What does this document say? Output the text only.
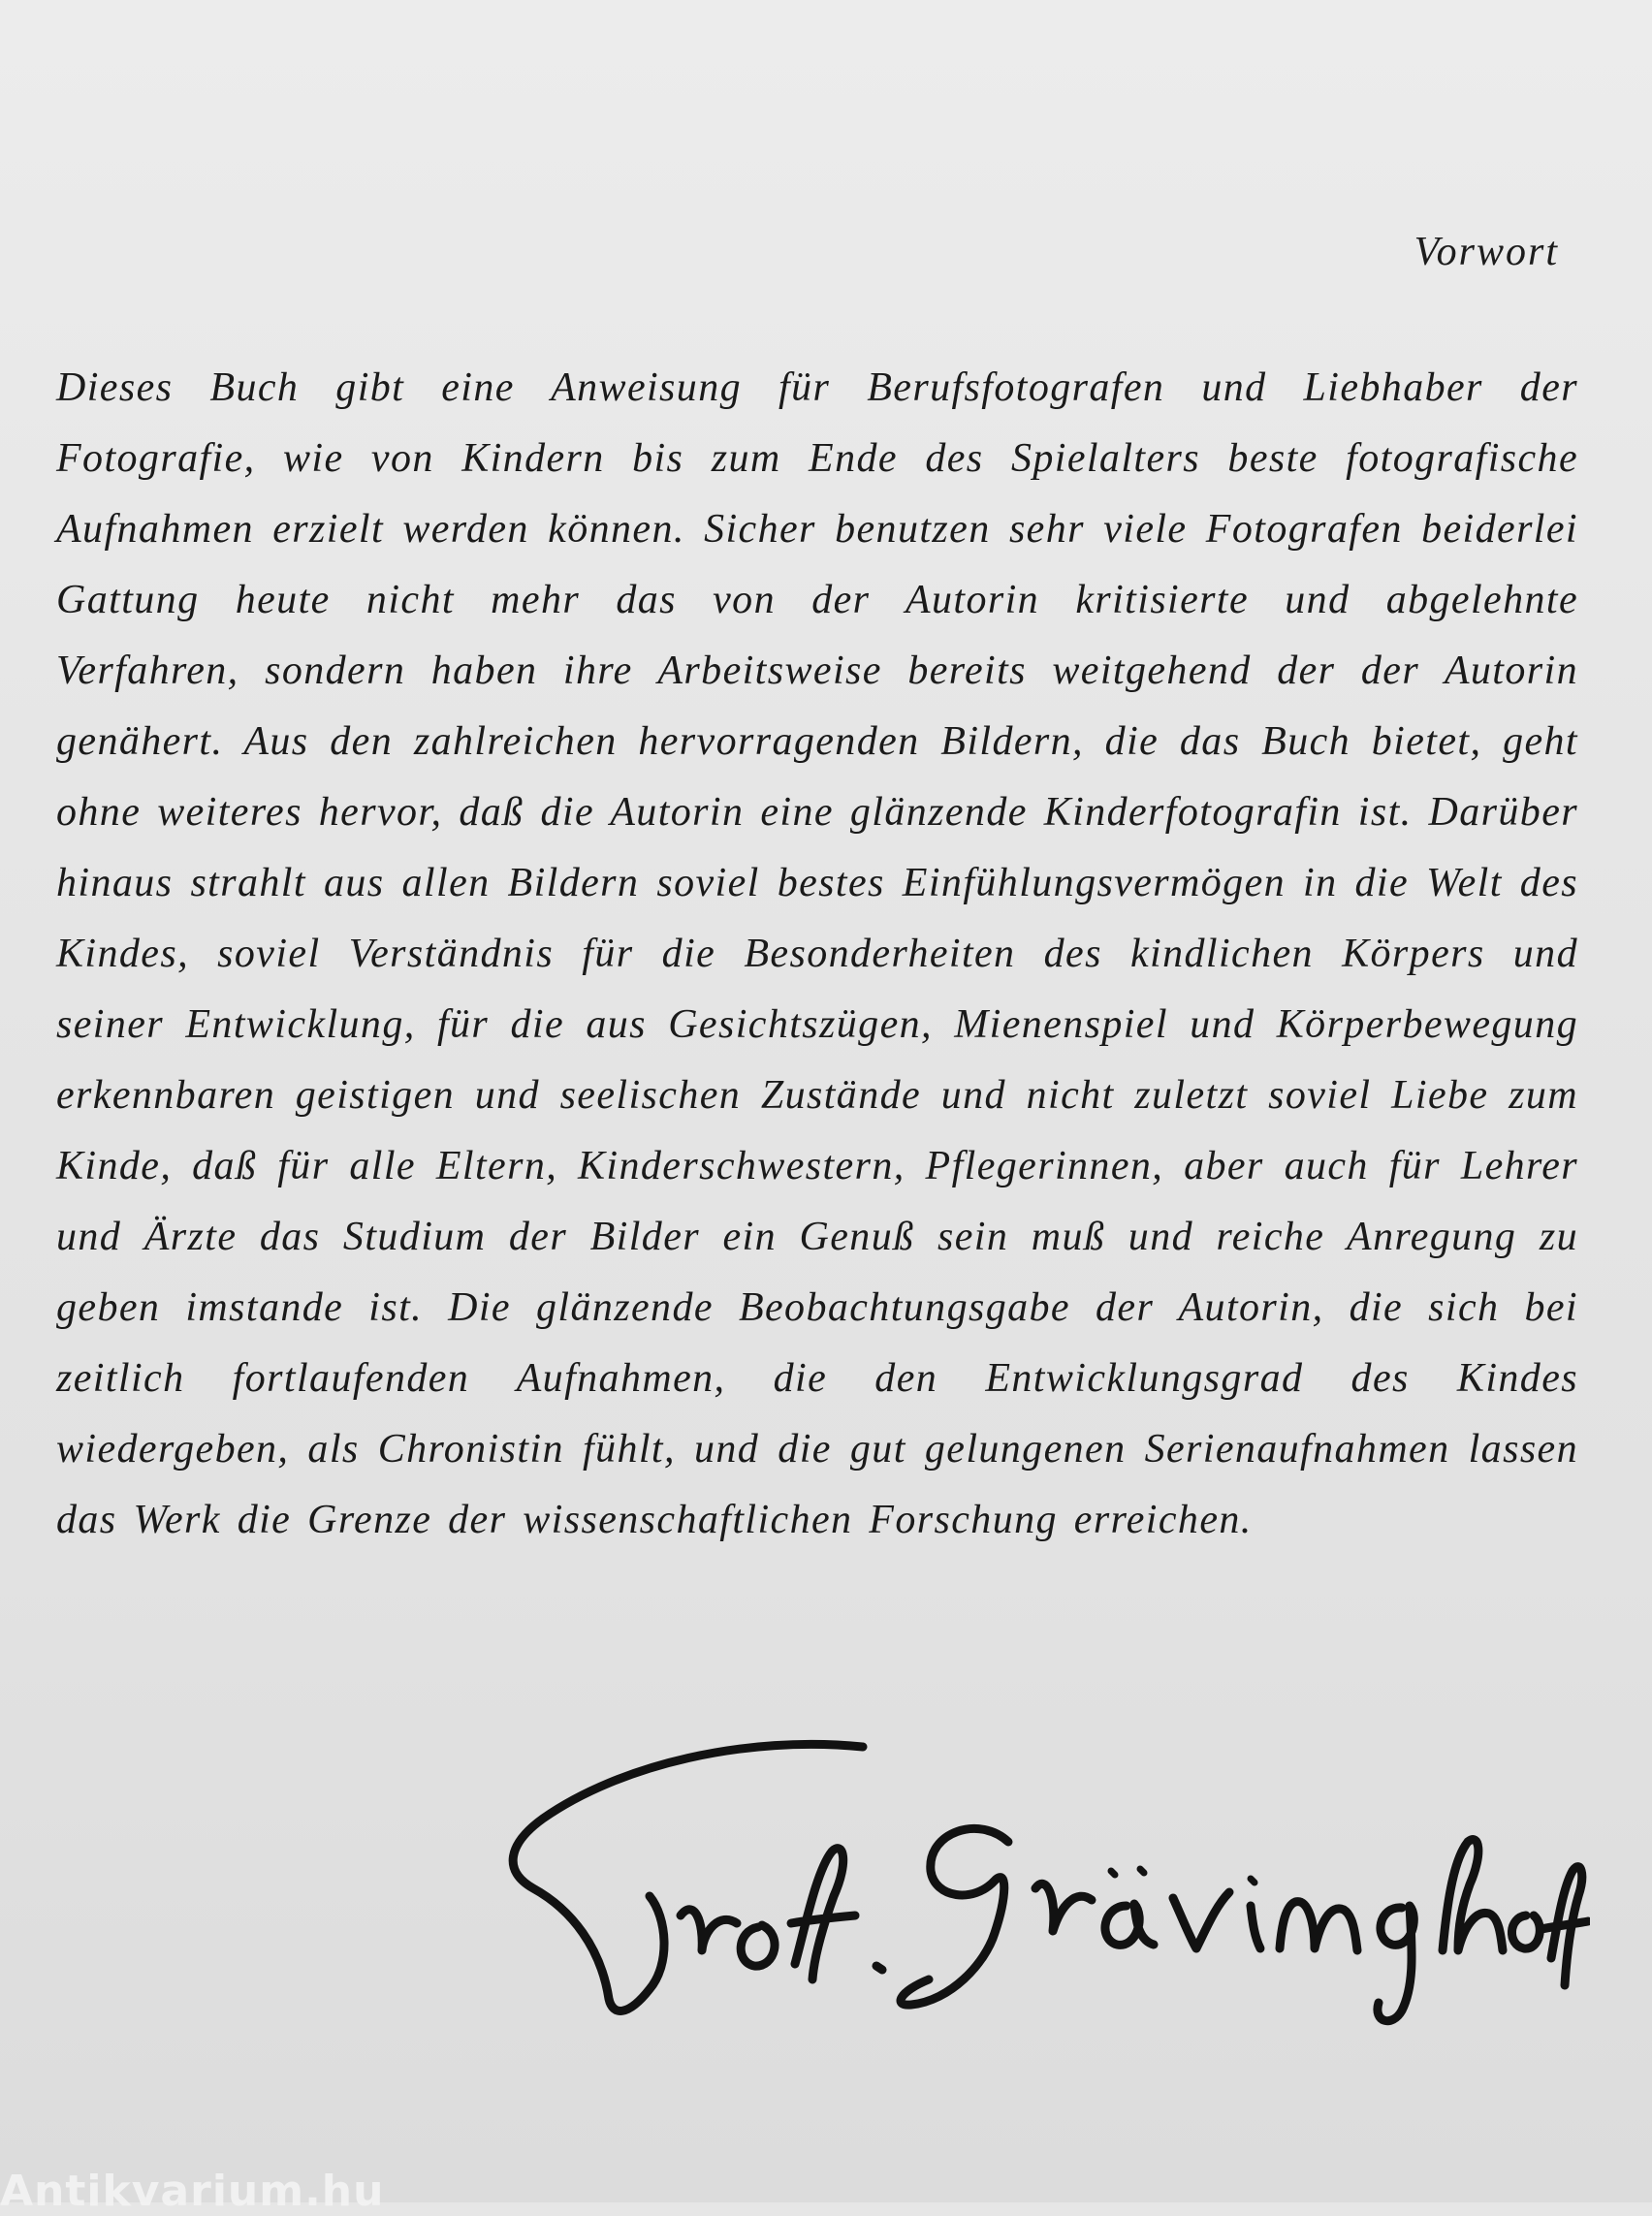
Vorwort

Dieses Buch gibt eine Anweisung für Berufsfotografen und Liebhaber der Fotografie, wie von Kindern bis zum Ende des Spielalters beste fotografische Aufnahmen erzielt werden können. Sicher benutzen sehr viele Fotografen beiderlei Gattung heute nicht mehr das von der Autorin kritisierte und abgelehnte Verfahren, sondern haben ihre Arbeitsweise bereits weitgehend der der Autorin genähert. Aus den zahlreichen hervorragenden Bildern, die das Buch bietet, geht ohne weiteres hervor, daß die Autorin eine glänzende Kinderfotografin ist. Darüber hinaus strahlt aus allen Bildern soviel bestes Einfühlungsvermögen in die Welt des Kindes, soviel Verständnis für die Besonderheiten des kindlichen Körpers und seiner Entwicklung, für die aus Gesichtszügen, Mienenspiel und Körperbewegung erkennbaren geistigen und seelischen Zustände und nicht zuletzt soviel Liebe zum Kinde, daß für alle Eltern, Kinderschwestern, Pflegerinnen, aber auch für Lehrer und Ärzte das Studium der Bilder ein Genuß sein muß und reiche Anregung zu geben imstande ist. Die glänzende Beobachtungsgabe der Autorin, die sich bei zeitlich fortlaufenden Aufnahmen, die den Entwicklungsgrad des Kindes wiedergeben, als Chronistin fühlt, und die gut gelungenen Serienaufnahmen lassen das Werk die Grenze der wissenschaftlichen Forschung erreichen.

Antikvarium.hu
